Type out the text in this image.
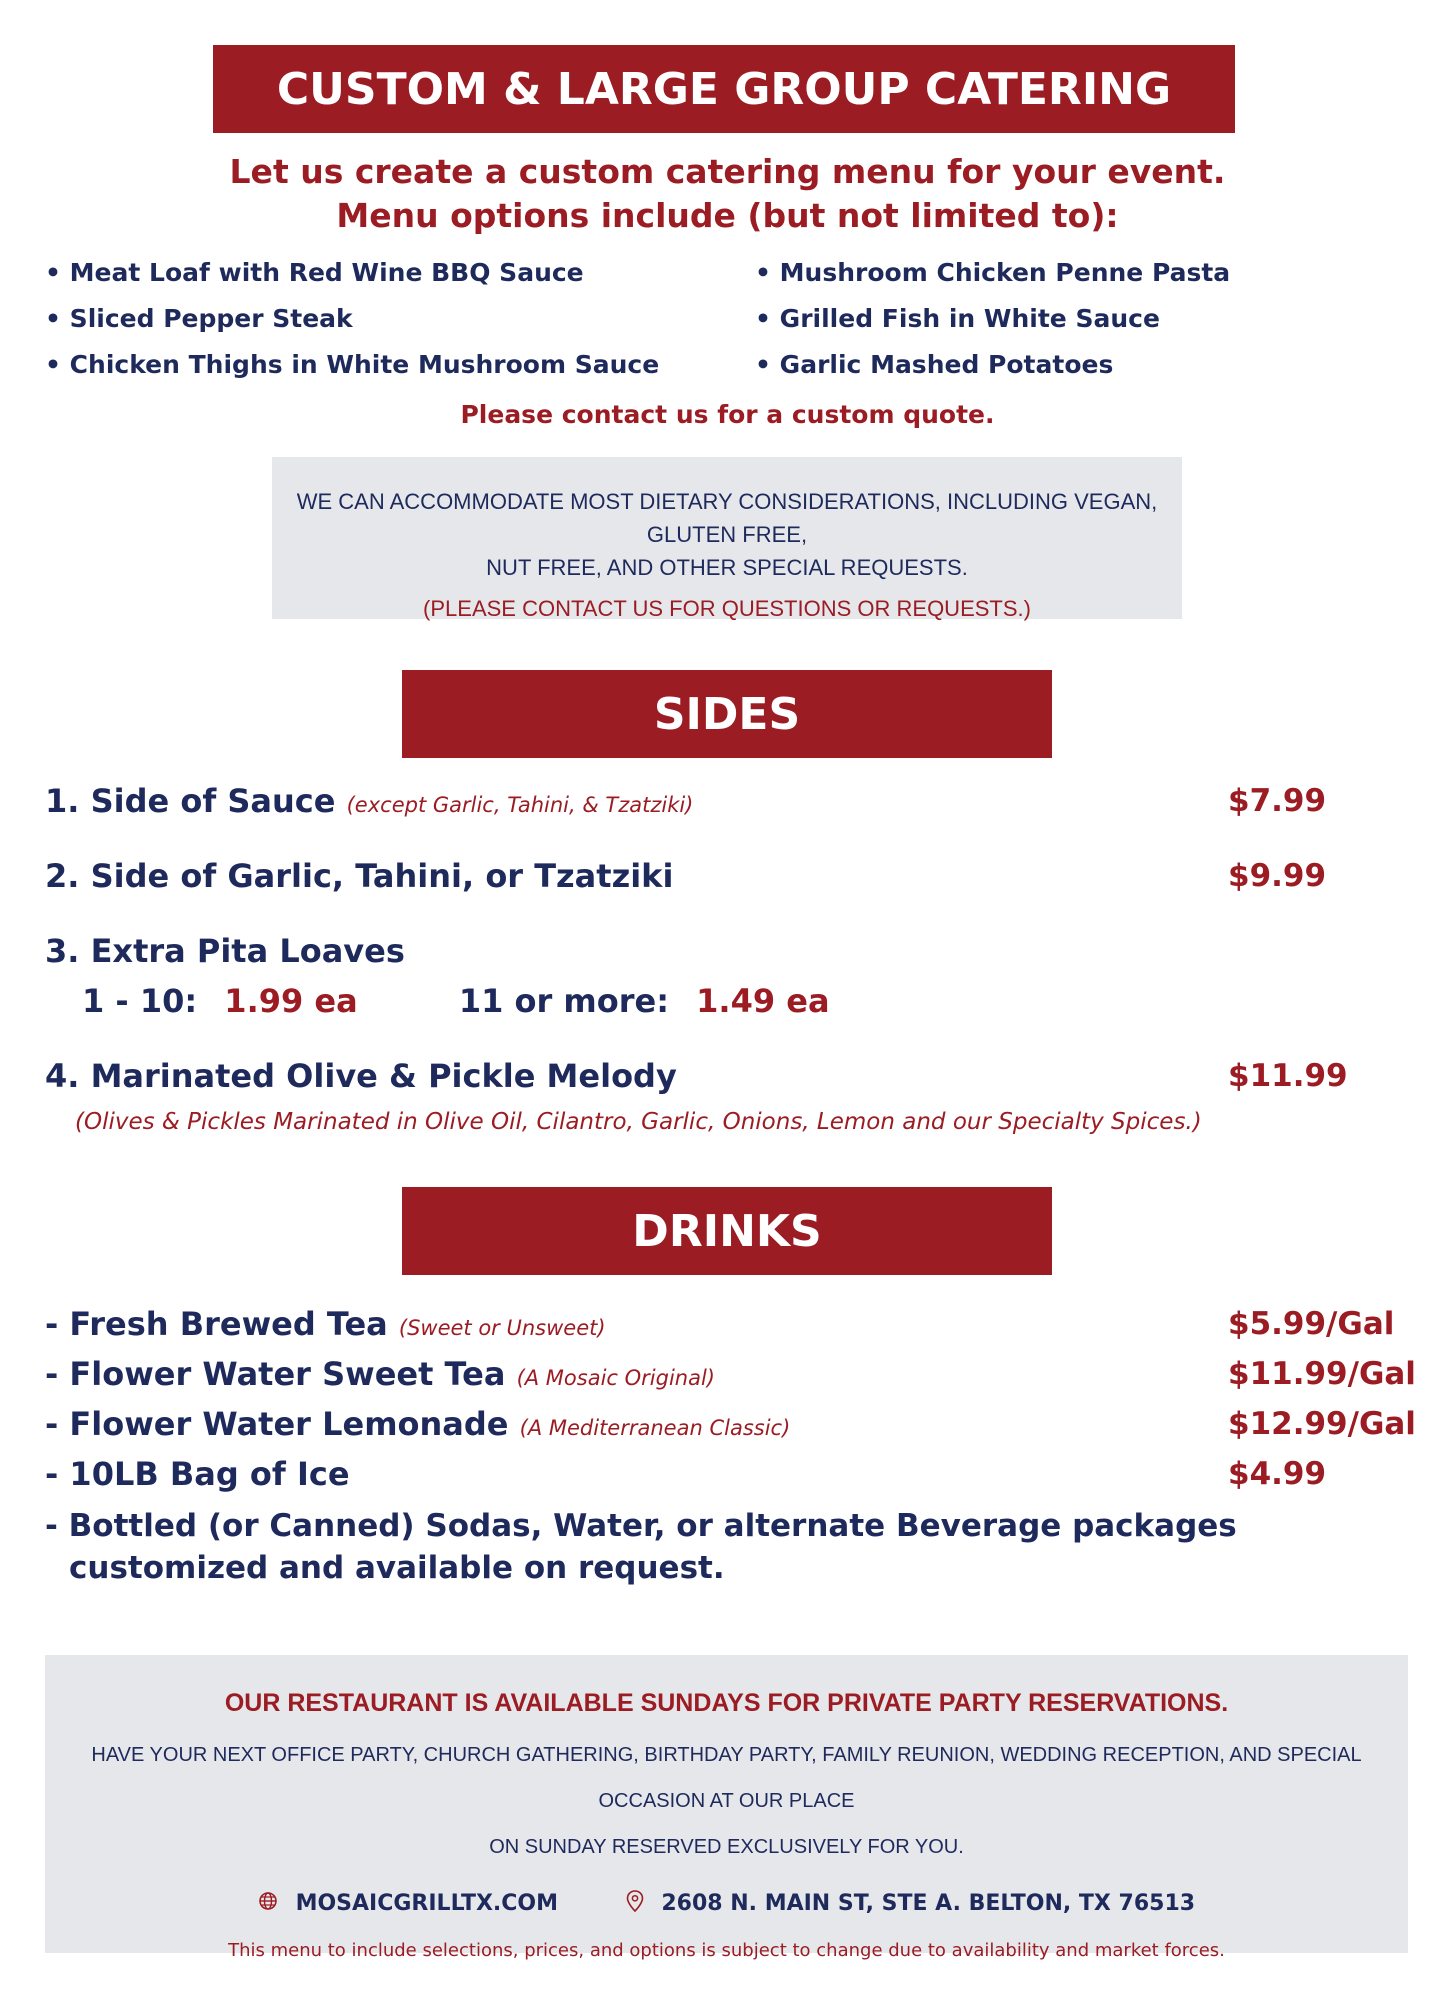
CUSTOM & LARGE GROUP CATERING
Let us create a custom catering menu for your event.
Menu options include (but not limited to):
• Meat Loaf with Red Wine BBQ Sauce
• Sliced Pepper Steak
• Chicken Thighs in White Mushroom Sauce
• Mushroom Chicken Penne Pasta
• Grilled Fish in White Sauce
• Garlic Mashed Potatoes
Please contact us for a custom quote.
WE CAN ACCOMMODATE MOST DIETARY CONSIDERATIONS, INCLUDING VEGAN, GLUTEN FREE,
NUT FREE, AND OTHER SPECIAL REQUESTS.
(PLEASE CONTACT US FOR QUESTIONS OR REQUESTS.)
SIDES
1. Side of Sauce (except Garlic, Tahini, & Tzatziki)	$7.99
2. Side of Garlic, Tahini, or Tzatziki	$9.99
3. Extra Pita Loaves
1 - 10: 1.99 ea	11 or more: 1.49 ea
4. Marinated Olive & Pickle Melody	$11.99
(Olives & Pickles Marinated in Olive Oil, Cilantro, Garlic, Onions, Lemon and our Specialty Spices.)
DRINKS
- Fresh Brewed Tea (Sweet or Unsweet)	$5.99/Gal
- Flower Water Sweet Tea (A Mosaic Original)	$11.99/Gal
- Flower Water Lemonade (A Mediterranean Classic)	$12.99/Gal
- 10LB Bag of Ice	$4.99
- Bottled (or Canned) Sodas, Water, or alternate Beverage packages
customized and available on request.
OUR RESTAURANT IS AVAILABLE SUNDAYS FOR PRIVATE PARTY RESERVATIONS.
HAVE YOUR NEXT OFFICE PARTY, CHURCH GATHERING, BIRTHDAY PARTY, FAMILY REUNION, WEDDING RECEPTION, AND SPECIAL OCCASION AT OUR PLACE
ON SUNDAY RESERVED EXCLUSIVELY FOR YOU.
MOSAICGRILLTX.COM	2608 N. MAIN ST, STE A. BELTON, TX 76513
This menu to include selections, prices, and options is subject to change due to availability and market forces.
